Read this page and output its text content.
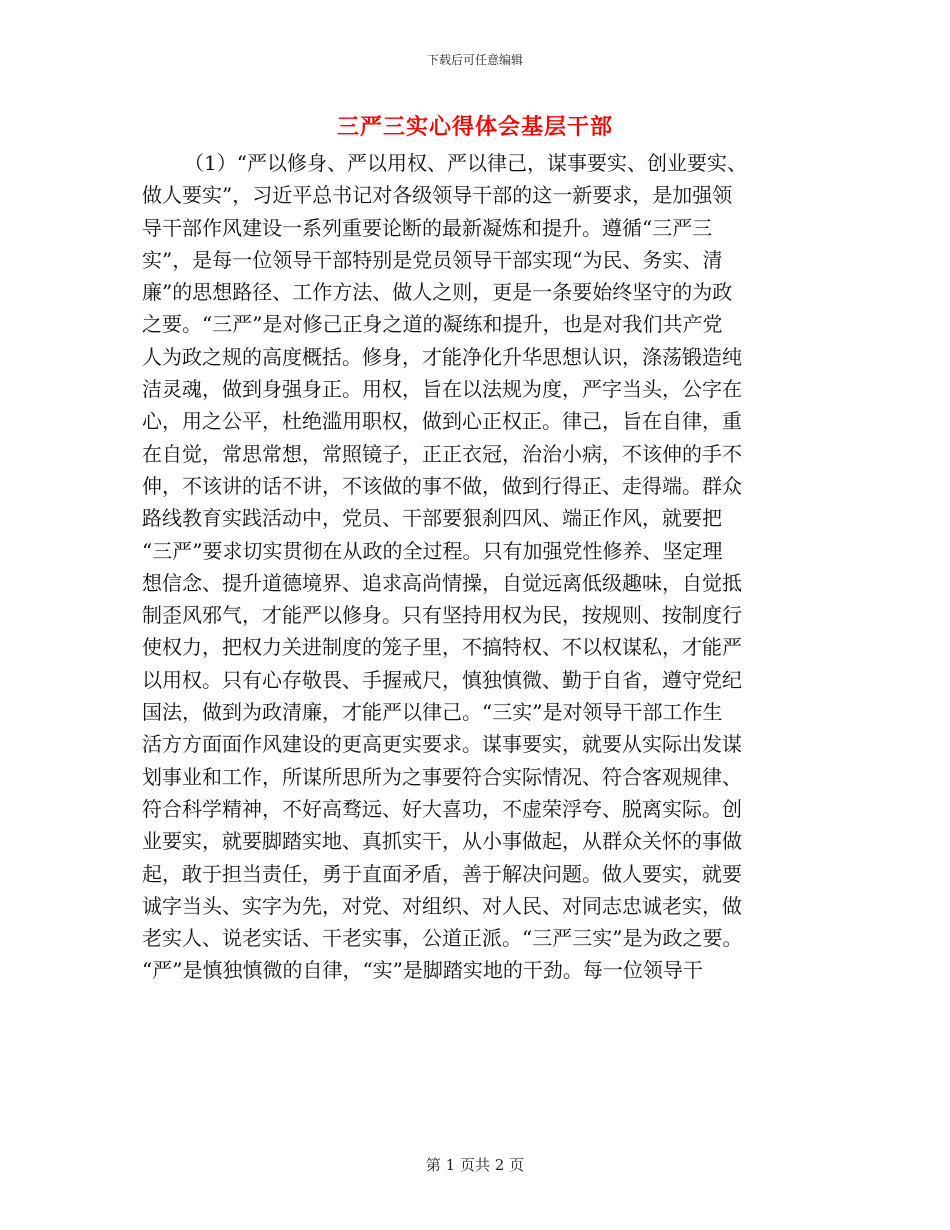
下载后可任意编辑
三严三实心得体会基层干部
（1）“严以修身、严以用权、严以律己，谋事要实、创业要实、
做人要实”，习近平总书记对各级领导干部的这一新要求，是加强领
导干部作风建设一系列重要论断的最新凝炼和提升。遵循“三严三
实”，是每一位领导干部特别是党员领导干部实现“为民、务实、清
廉”的思想路径、工作方法、做人之则，更是一条要始终坚守的为政
之要。“三严”是对修己正身之道的凝练和提升，也是对我们共产党
人为政之规的高度概括。修身，才能净化升华思想认识，涤荡锻造纯
洁灵魂，做到身强身正。用权，旨在以法规为度，严字当头，公字在
心，用之公平，杜绝滥用职权，做到心正权正。律己，旨在自律，重
在自觉，常思常想，常照镜子，正正衣冠，治治小病，不该伸的手不
伸，不该讲的话不讲，不该做的事不做，做到行得正、走得端。群众
路线教育实践活动中，党员、干部要狠刹四风、端正作风，就要把
“三严”要求切实贯彻在从政的全过程。只有加强党性修养、坚定理
想信念、提升道德境界、追求高尚情操，自觉远离低级趣味，自觉抵
制歪风邪气，才能严以修身。只有坚持用权为民，按规则、按制度行
使权力，把权力关进制度的笼子里，不搞特权、不以权谋私，才能严
以用权。只有心存敬畏、手握戒尺，慎独慎微、勤于自省，遵守党纪
国法，做到为政清廉，才能严以律己。“三实”是对领导干部工作生
活方方面面作风建设的更高更实要求。谋事要实，就要从实际出发谋
划事业和工作，所谋所思所为之事要符合实际情况、符合客观规律、
符合科学精神，不好高骛远、好大喜功，不虚荣浮夸、脱离实际。创
业要实，就要脚踏实地、真抓实干，从小事做起，从群众关怀的事做
起，敢于担当责任，勇于直面矛盾，善于解决问题。做人要实，就要
诚字当头、实字为先，对党、对组织、对人民、对同志忠诚老实，做
老实人、说老实话、干老实事，公道正派。“三严三实”是为政之要。
“严”是慎独慎微的自律，“实”是脚踏实地的干劲。每一位领导干
第 1 页共 2 页
